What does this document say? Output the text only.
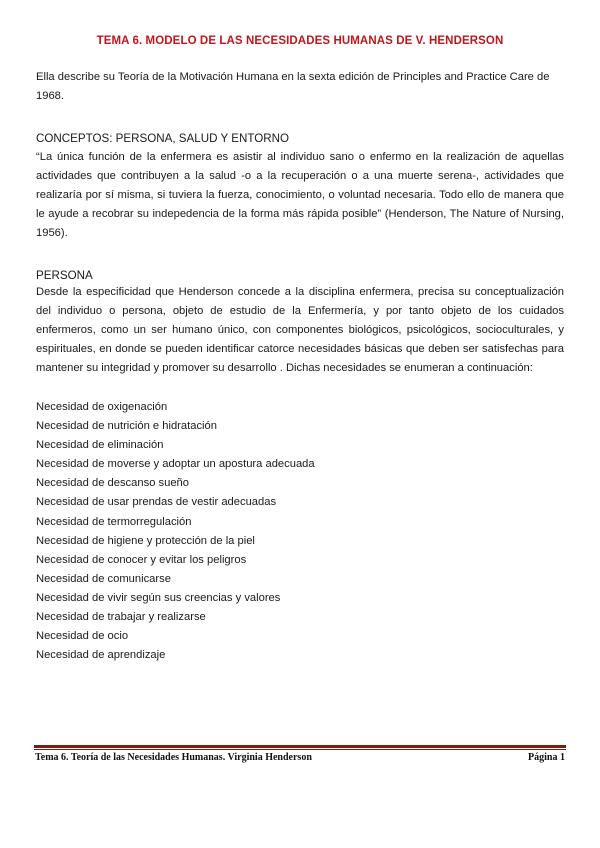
TEMA 6. MODELO DE LAS NECESIDADES HUMANAS DE V. HENDERSON

Ella describe su Teoría de la Motivación Humana en la sexta edición de Principles and Practice Care de 1968.

CONCEPTOS: PERSONA, SALUD Y ENTORNO

“La única función de la enfermera es asistir al individuo sano o enfermo en la realización de aquellas actividades que contribuyen a la salud -o a la recuperación o a una muerte serena-, actividades que realizaría por sí misma, si tuviera la fuerza, conocimiento, o voluntad necesaria. Todo ello de manera que le ayude a recobrar su indepedencia de la forma más rápida posible” (Henderson, The Nature of Nursing, 1956).

PERSONA

Desde la especificidad que Henderson concede a la disciplina enfermera, precisa su conceptualización del individuo o persona, objeto de estudio de la Enfermería, y por tanto objeto de los cuidados enfermeros, como un ser humano único, con componentes biológicos, psicológicos, socioculturales, y espirituales, en donde se pueden identificar catorce necesidades básicas que deben ser satisfechas para mantener su integridad y promover su desarrollo . Dichas necesidades se enumeran a continuación:

Necesidad de oxigenación
Necesidad de nutrición e hidratación
Necesidad de eliminación
Necesidad de moverse y adoptar un apostura adecuada
Necesidad de descanso sueño
Necesidad de usar prendas de vestir adecuadas
Necesidad de termorregulación
Necesidad de higiene y protección de la piel
Necesidad de conocer y evitar los peligros
Necesidad de comunicarse
Necesidad de vivir según sus creencias y valores
Necesidad de trabajar y realizarse
Necesidad de ocio
Necesidad de aprendizaje
Tema 6. Teoría de las Necesidades Humanas. Virginia Henderson	Página 1
